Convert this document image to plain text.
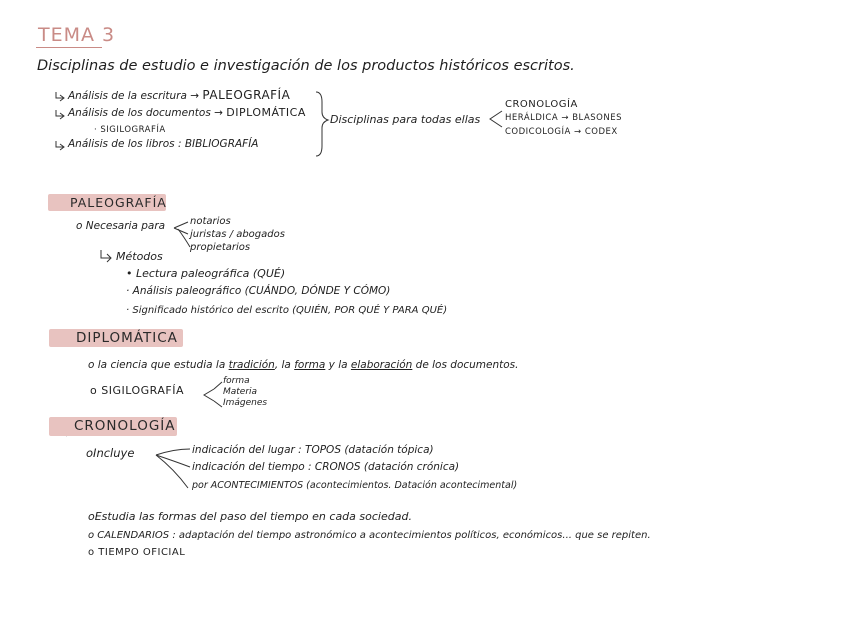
TEMA 3
Disciplinas de estudio e investigación de los productos históricos escritos.
Análisis de la escritura → PALEOGRAFÍA
Análisis de los documentos → DIPLOMÁTICA
· SIGILOGRAFÍA
Análisis de los libros : BIBLIOGRAFÍA
Disciplinas para todas ellas
CRONOLOGÍA
HERÁLDICA → BLASONES
CODICOLOGÍA → CODEX
PALEOGRAFÍA
o Necesaria para notarios
juristas / abogados
propietarios
Métodos
• Lectura paleográfica (QUÉ)
· Análisis paleográfico (CUÁNDO, DÓNDE Y CÓMO)
· Significado histórico del escrito (QUIÉN, POR QUÉ Y PARA QUÉ)
DIPLOMÁTICA
o la ciencia que estudia la tradición, la forma y la elaboración de los documentos.
o SIGILOGRAFÍA
forma
Materia
Imágenes
CRONOLOGÍA
oIncluye	indicación del lugar : TOPOS (datación tópica)
indicación del tiempo : CRONOS (datación crónica)
por ACONTECIMIENTOS (acontecimientos. Datación acontecimental)
oEstudia las formas del paso del tiempo en cada sociedad.
o CALENDARIOS : adaptación del tiempo astronómico a acontecimientos políticos, económicos... que se repiten.
o TIEMPO OFICIAL
